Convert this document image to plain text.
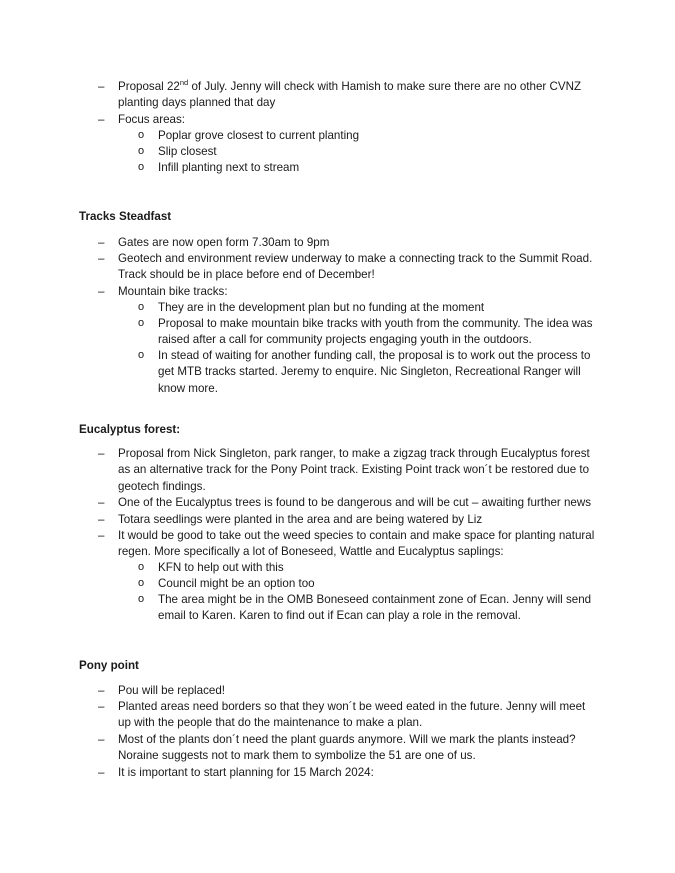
– Proposal 22nd of July. Jenny will check with Hamish to make sure there are no other CVNZ planting days planned that day
– Focus areas:
o Poplar grove closest to current planting
o Slip closest
o Infill planting next to stream
Tracks Steadfast
– Gates are now open form 7.30am to 9pm
– Geotech and environment review underway to make a connecting track to the Summit Road. Track should be in place before end of December!
– Mountain bike tracks:
o They are in the development plan but no funding at the moment
o Proposal to make mountain bike tracks with youth from the community. The idea was raised after a call for community projects engaging youth in the outdoors.
o In stead of waiting for another funding call, the proposal is to work out the process to get MTB tracks started. Jeremy to enquire. Nic Singleton, Recreational Ranger will know more.
Eucalyptus forest:
– Proposal from Nick Singleton, park ranger, to make a zigzag track through Eucalyptus forest as an alternative track for the Pony Point track. Existing Point track won´t be restored due to geotech findings.
– One of the Eucalyptus trees is found to be dangerous and will be cut – awaiting further news
– Totara seedlings were planted in the area and are being watered by Liz
– It would be good to take out the weed species to contain and make space for planting natural regen. More specifically a lot of Boneseed, Wattle and Eucalyptus saplings:
o KFN to help out with this
o Council might be an option too
o The area might be in the OMB Boneseed containment zone of Ecan. Jenny will send email to Karen. Karen to find out if Ecan can play a role in the removal.
Pony point
– Pou will be replaced!
– Planted areas need borders so that they won´t be weed eated in the future. Jenny will meet up with the people that do the maintenance to make a plan.
– Most of the plants don´t need the plant guards anymore. Will we mark the plants instead? Noraine suggests not to mark them to symbolize the 51 are one of us.
– It is important to start planning for 15 March 2024:
